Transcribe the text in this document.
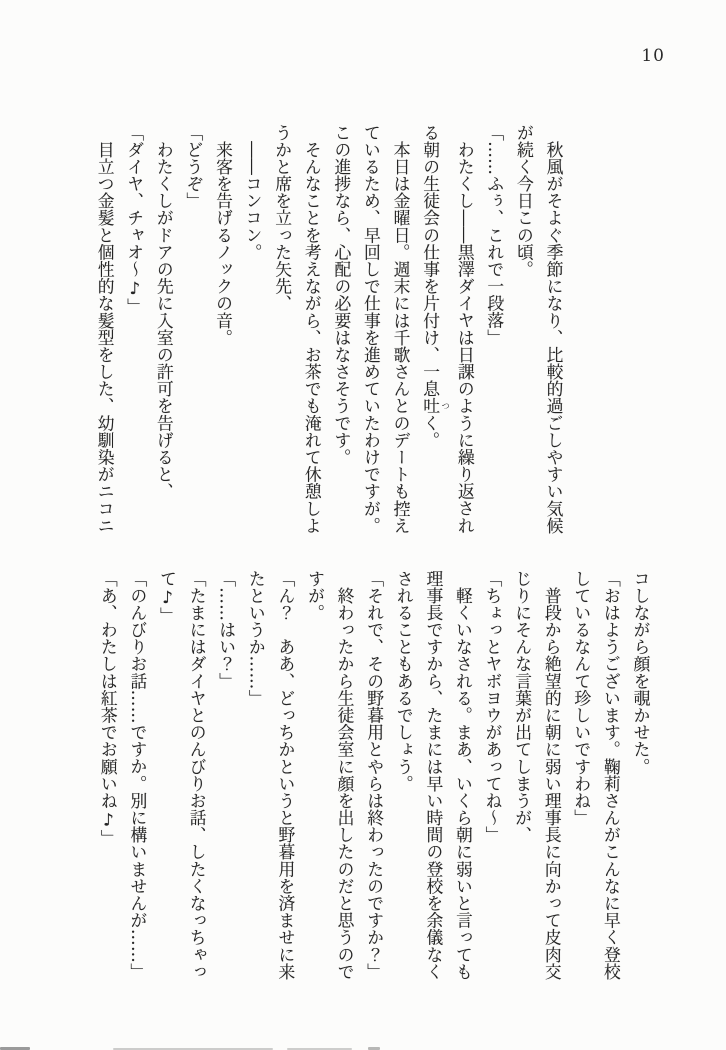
10

　秋風がそよぐ季節になり、比較的過ごしやすい気候

が続く今日この頃。

「……ふぅ、これで一段落」

　わたくし――黒澤ダイヤは日課のように繰り返され

る朝の生徒会の仕事を片付け、一息吐 つく。

　本日は金曜日。週末には千歌さんとのデートも控え

ているため、早回しで仕事を進めていたわけですが。

この進捗なら、心配の必要はなさそうです。

　そんなことを考えながら、お茶でも淹れて休憩しよ

うかと席を立った矢先、

　――コンコン。

　来客を告げるノックの音。

「どうぞ」

　わたくしがドアの先に入室の許可を告げると、

「ダイヤ、チャオ～♪」

　目立つ金髪と個性的な髪型をした、幼馴染がニコニ

コしながら顔を覗かせた。

「おはようございます。鞠莉さんがこんなに早く登校

しているなんて珍しいですわね」

　普段から絶望的に朝に弱い理事長に向かって皮肉交

じりにそんな言葉が出てしまうが、

「ちょっとヤボヨウがあってね～」

　軽くいなされる。まあ、いくら朝に弱いと言っても

理事長ですから、たまには早い時間の登校を余儀なく

されることもあるでしょう。

「それで、その野暮用とやらは終わったのですか？」

　終わったから生徒会室に顔を出したのだと思うので

すが。

「ん？　ああ、どっちかというと野暮用を済ませに来

たというか……」

「……はい？」

「たまにはダイヤとのんびりお話、したくなっちゃっ

て♪」

「のんびりお話……ですか。別に構いませんが……」

「あ、わたしは紅茶でお願いね♪」
